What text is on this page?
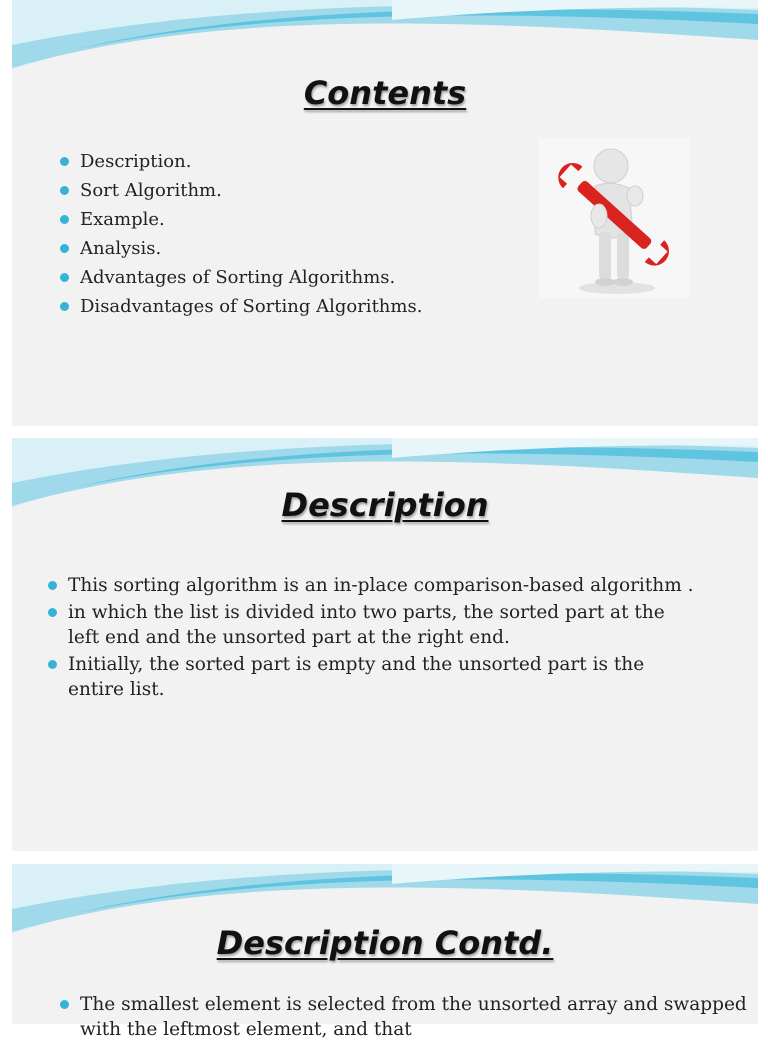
Contents
Description.
Sort Algorithm.
Example.
Analysis.
Advantages of Sorting Algorithms.
Disadvantages of Sorting Algorithms.
Description
This sorting algorithm is an in-place comparison-based algorithm .
in which the list is divided into two parts, the sorted part at the left end and the unsorted part at the right end.
Initially, the sorted part is empty and the unsorted part is the entire list.
Description Contd.
The smallest element is selected from the unsorted array and swapped with the leftmost element, and that
